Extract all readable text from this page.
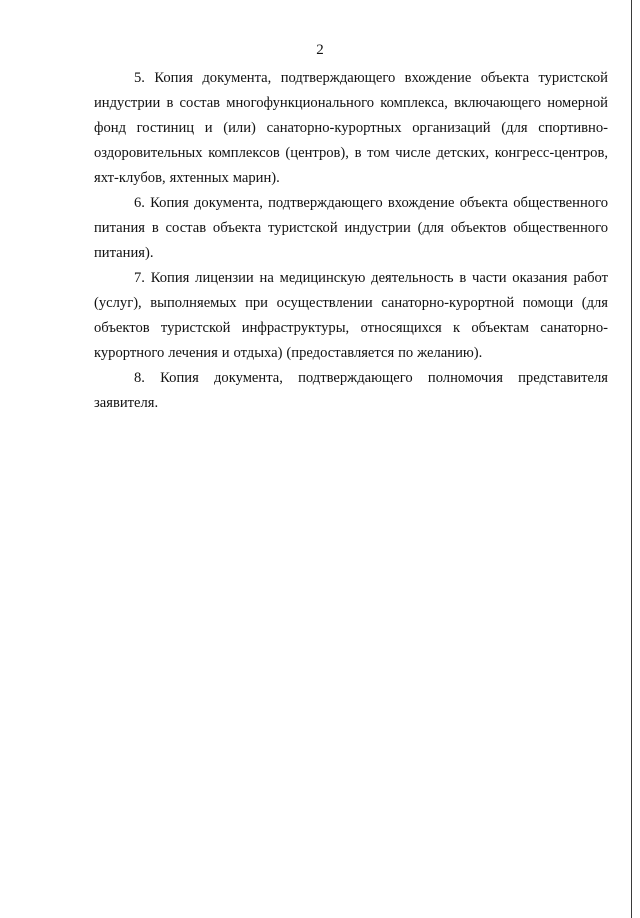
2

5. Копия документа, подтверждающего вхождение объекта туристской индустрии в состав многофункционального комплекса, включающего номерной фонд гостиниц и (или) санаторно-курортных организаций (для спортивно-оздоровительных комплексов (центров), в том числе детских, конгресс-центров, яхт-клубов, яхтенных марин).

6. Копия документа, подтверждающего вхождение объекта общественного питания в состав объекта туристской индустрии (для объектов общественного питания).

7. Копия лицензии на медицинскую деятельность в части оказания работ (услуг), выполняемых при осуществлении санаторно-курортной помощи (для объектов туристской инфраструктуры, относящихся к объектам санаторно-курортного лечения и отдыха) (предоставляется по желанию).

8. Копия документа, подтверждающего полномочия представителя заявителя.
